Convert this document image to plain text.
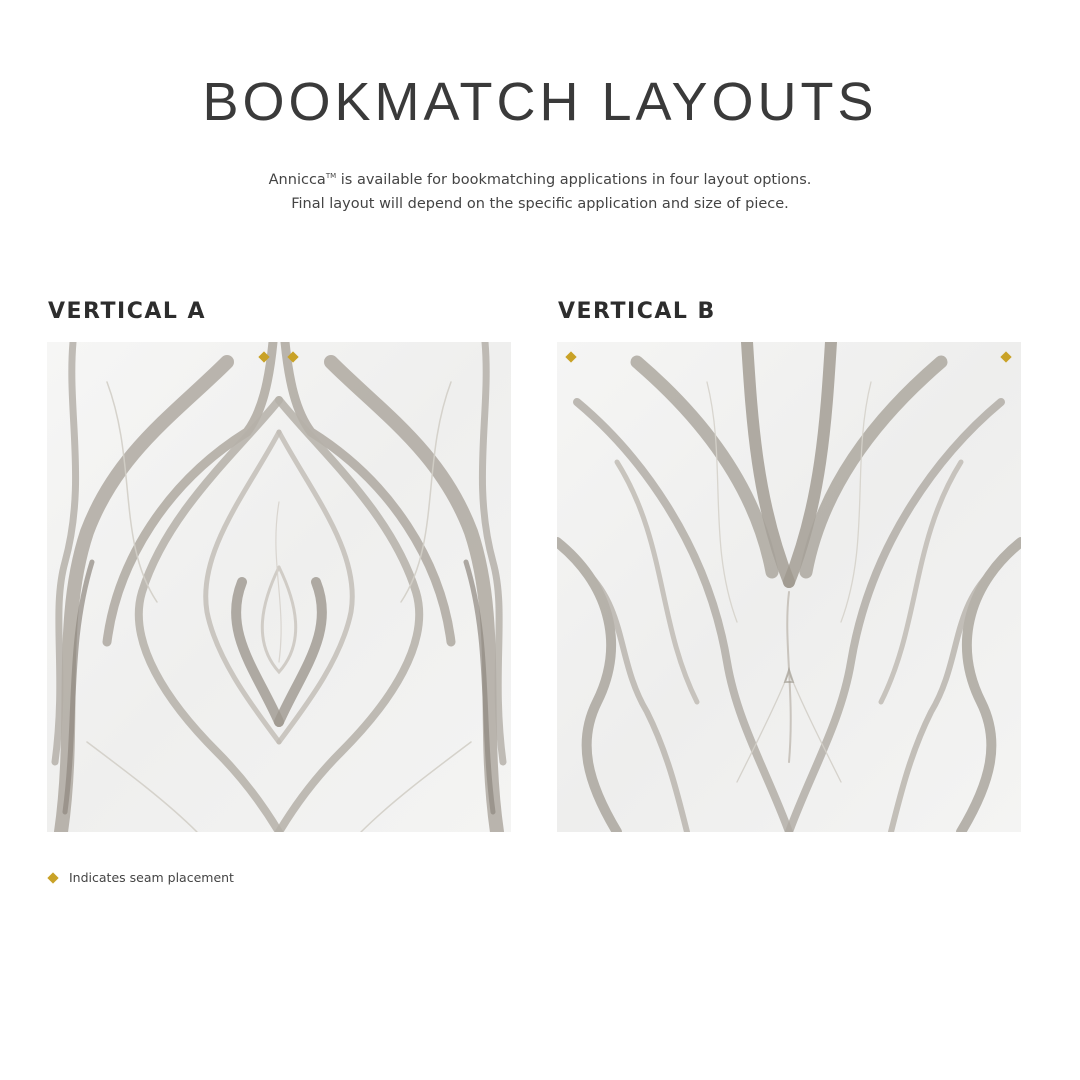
BOOKMATCH LAYOUTS

Annicca™ is available for bookmatching applications in four layout options.
Final layout will depend on the specific application and size of piece.

VERTICAL A	VERTICAL B
Indicates seam placement
